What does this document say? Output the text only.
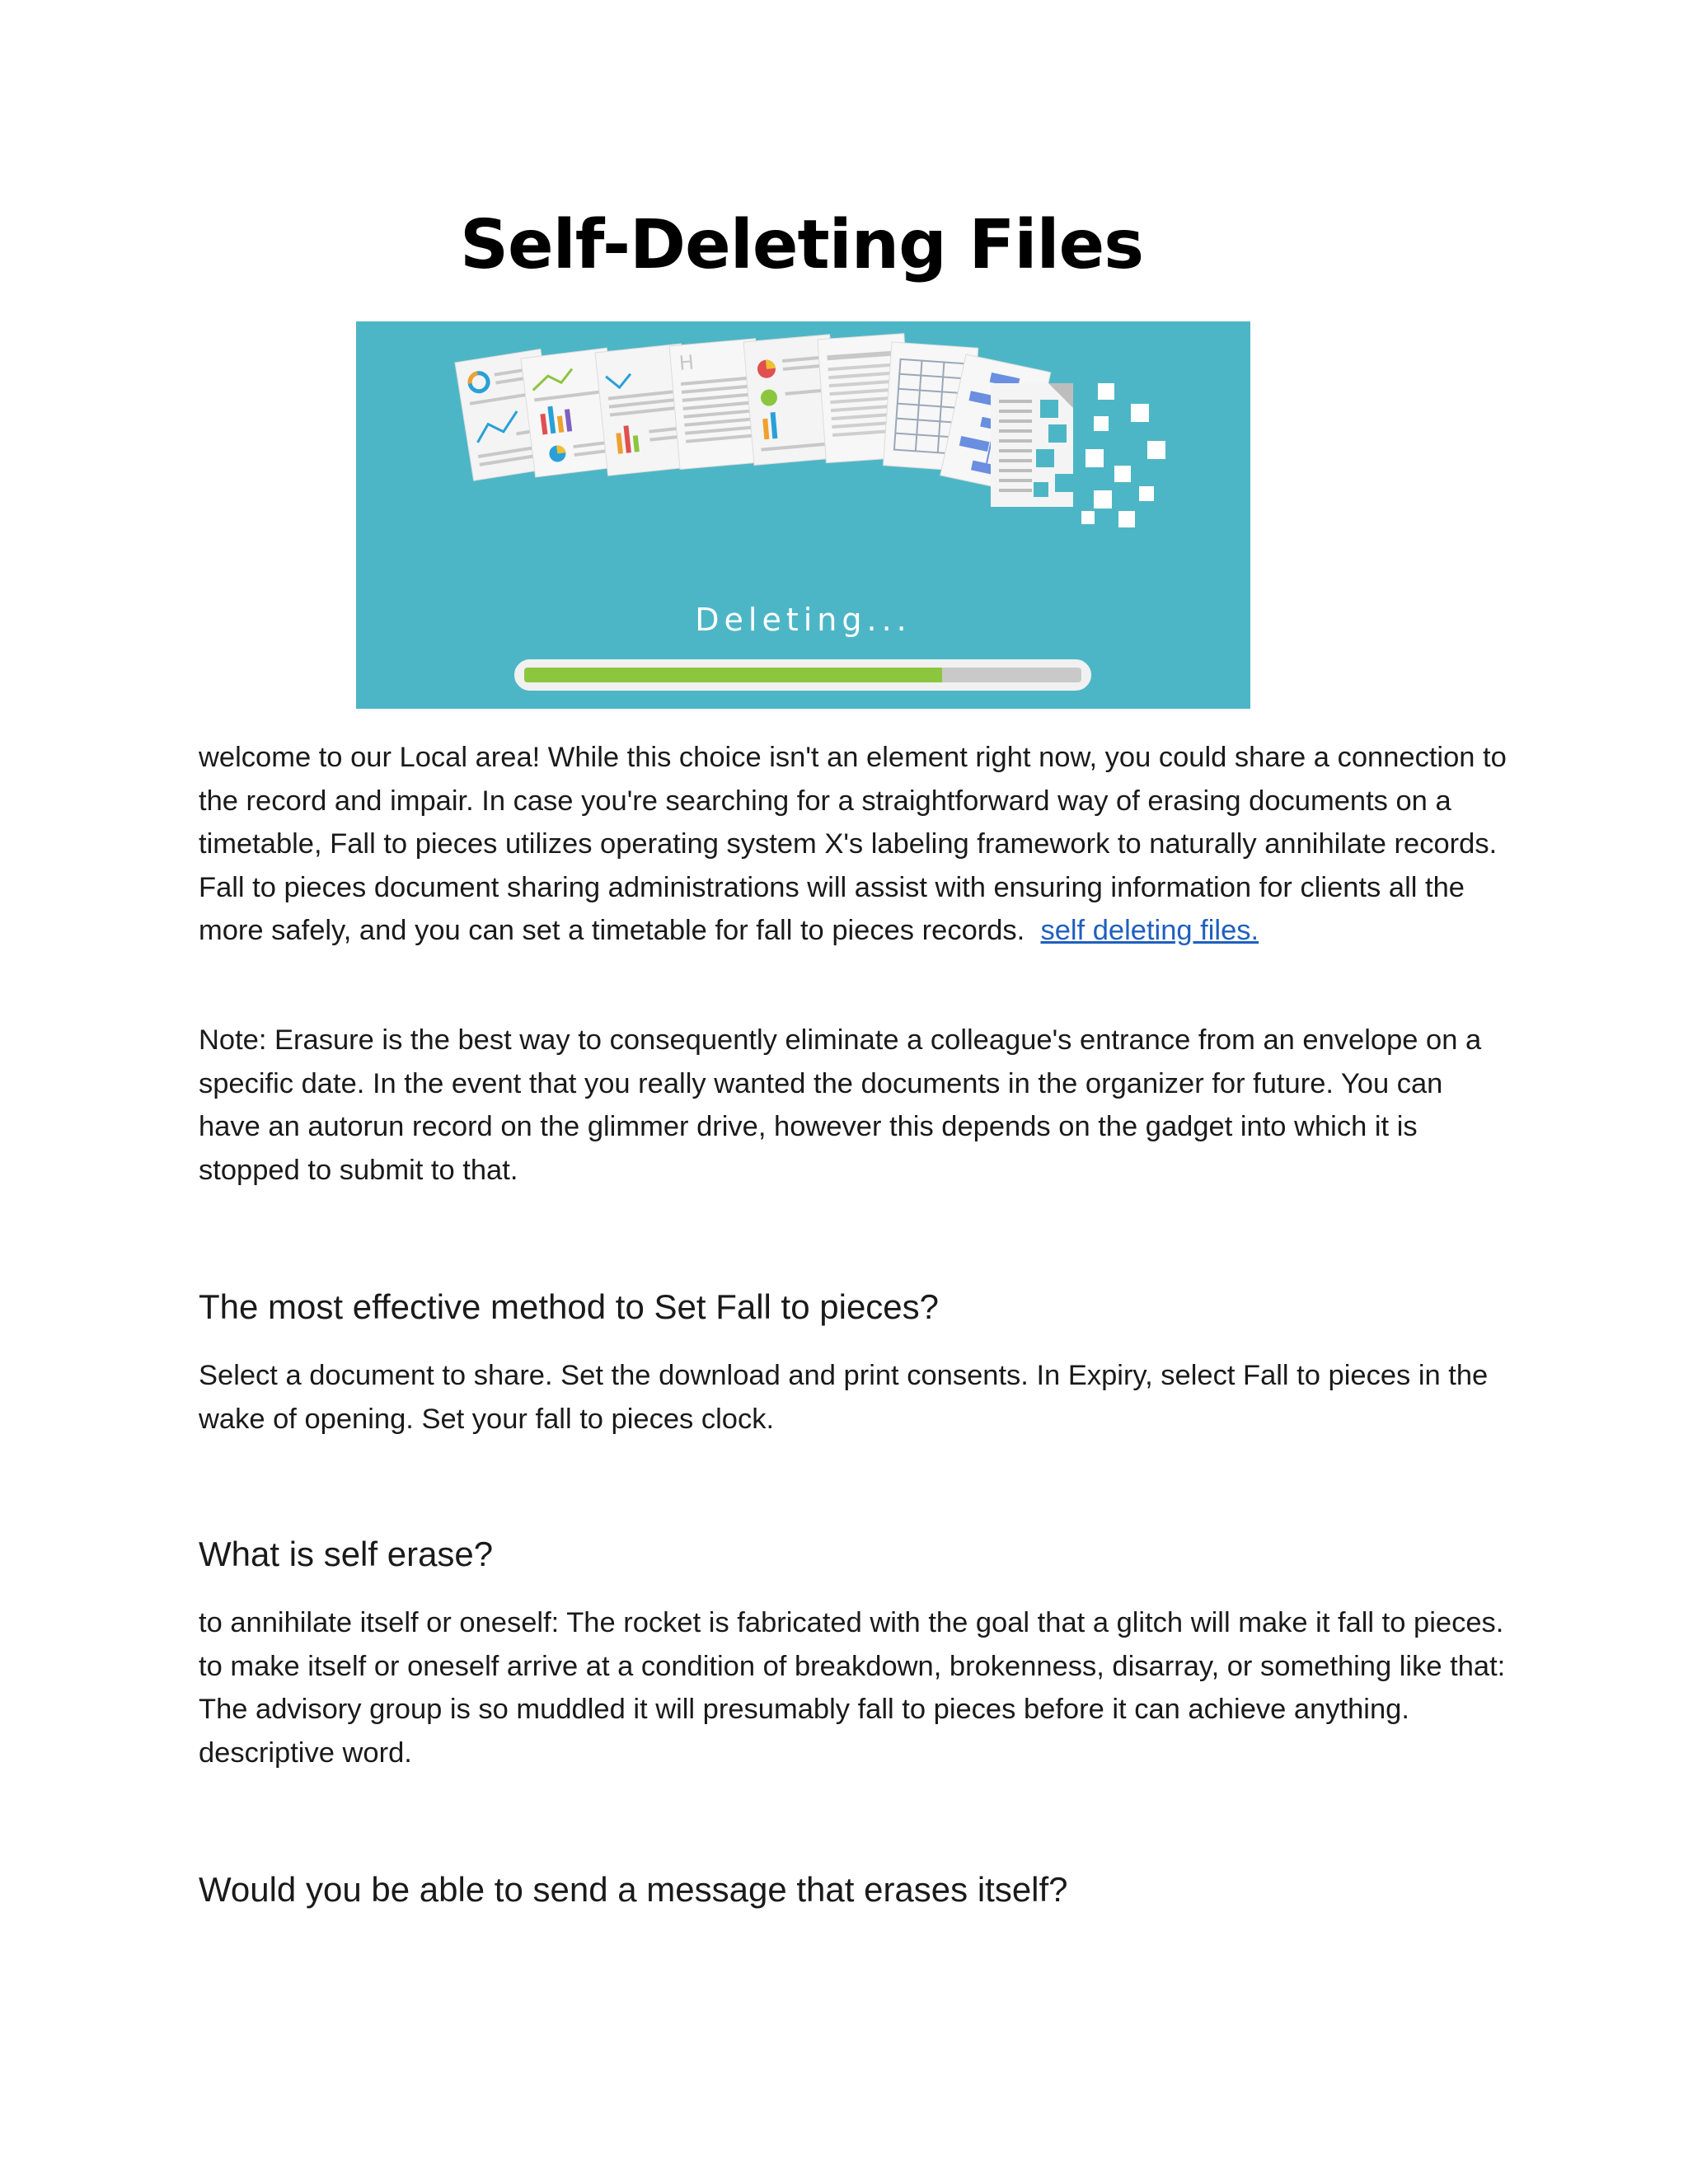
Self-Deleting Files
H
Deleting...

welcome to our Local area! While this choice isn't an element right now, you could share a connection to the record and impair. In case you're searching for a straightforward way of erasing documents on a timetable, Fall to pieces utilizes operating system X's labeling framework to naturally annihilate records. Fall to pieces document sharing administrations will assist with ensuring information for clients all the more safely, and you can set a timetable for fall to pieces records. self deleting files.

Note: Erasure is the best way to consequently eliminate a colleague's entrance from an envelope on a specific date. In the event that you really wanted the documents in the organizer for future. You can have an autorun record on the glimmer drive, however this depends on the gadget into which it is stopped to submit to that.

The most effective method to Set Fall to pieces?

Select a document to share. Set the download and print consents. In Expiry, select Fall to pieces in the wake of opening. Set your fall to pieces clock.

What is self erase?

to annihilate itself or oneself: The rocket is fabricated with the goal that a glitch will make it fall to pieces. to make itself or oneself arrive at a condition of breakdown, brokenness, disarray, or something like that: The advisory group is so muddled it will presumably fall to pieces before it can achieve anything. descriptive word.

Would you be able to send a message that erases itself?
